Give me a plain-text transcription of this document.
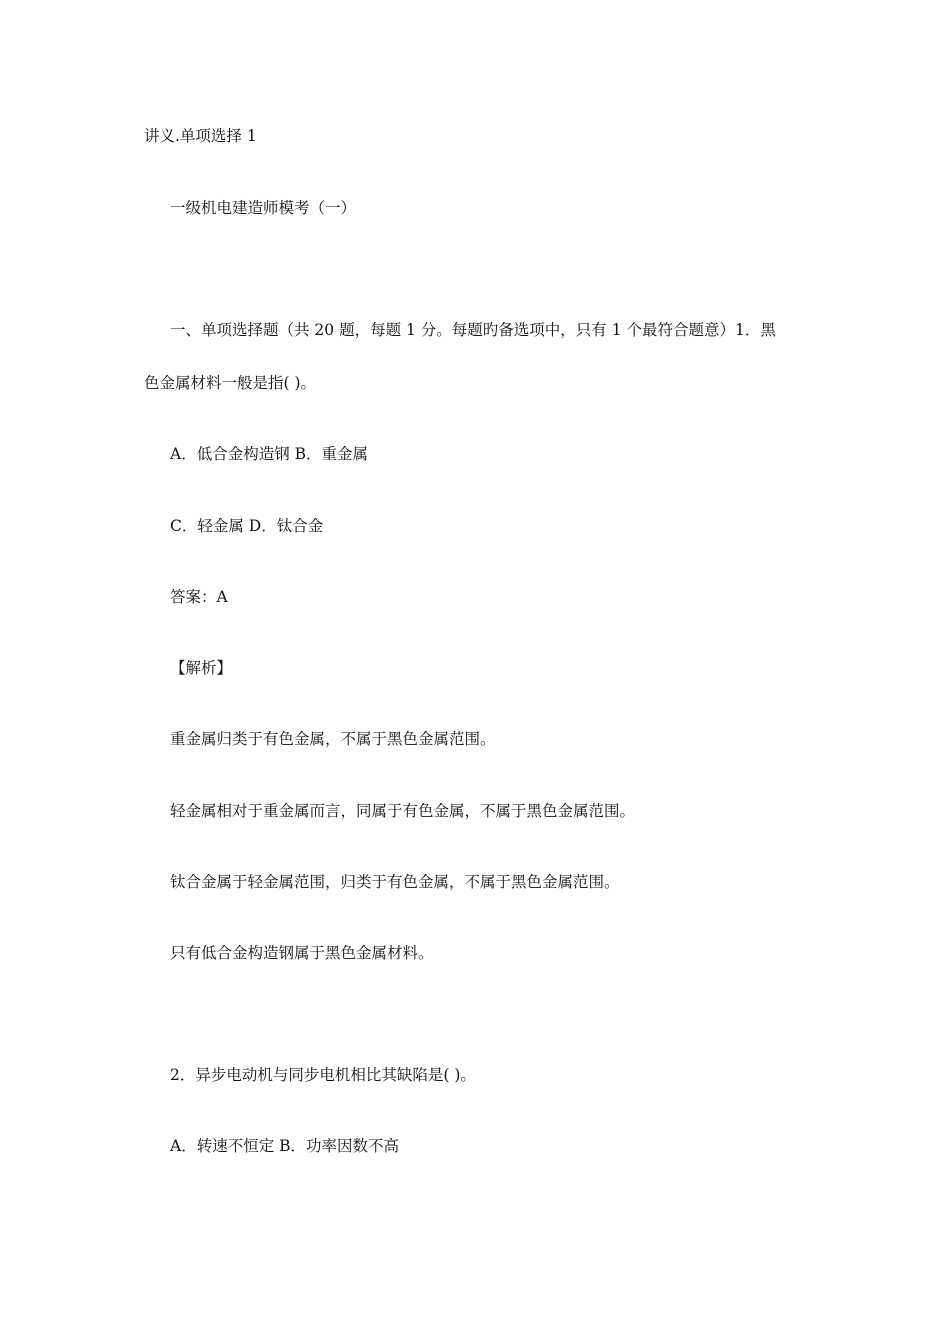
讲义.单项选择 1
一级机电建造师模考（一）
一、单项选择题（共 20 题，每题 1 分。每题旳备选项中，只有 1 个最符合题意）1．黑
色金属材料一般是指( )。
A．低合金构造钢 B．重金属
C．轻金属 D．钛合金
答案：A
【解析】
重金属归类于有色金属，不属于黑色金属范围。
轻金属相对于重金属而言，同属于有色金属，不属于黑色金属范围。
钛合金属于轻金属范围，归类于有色金属，不属于黑色金属范围。
只有低合金构造钢属于黑色金属材料。
2．异步电动机与同步电机相比其缺陷是( )。
A．转速不恒定 B．功率因数不高
